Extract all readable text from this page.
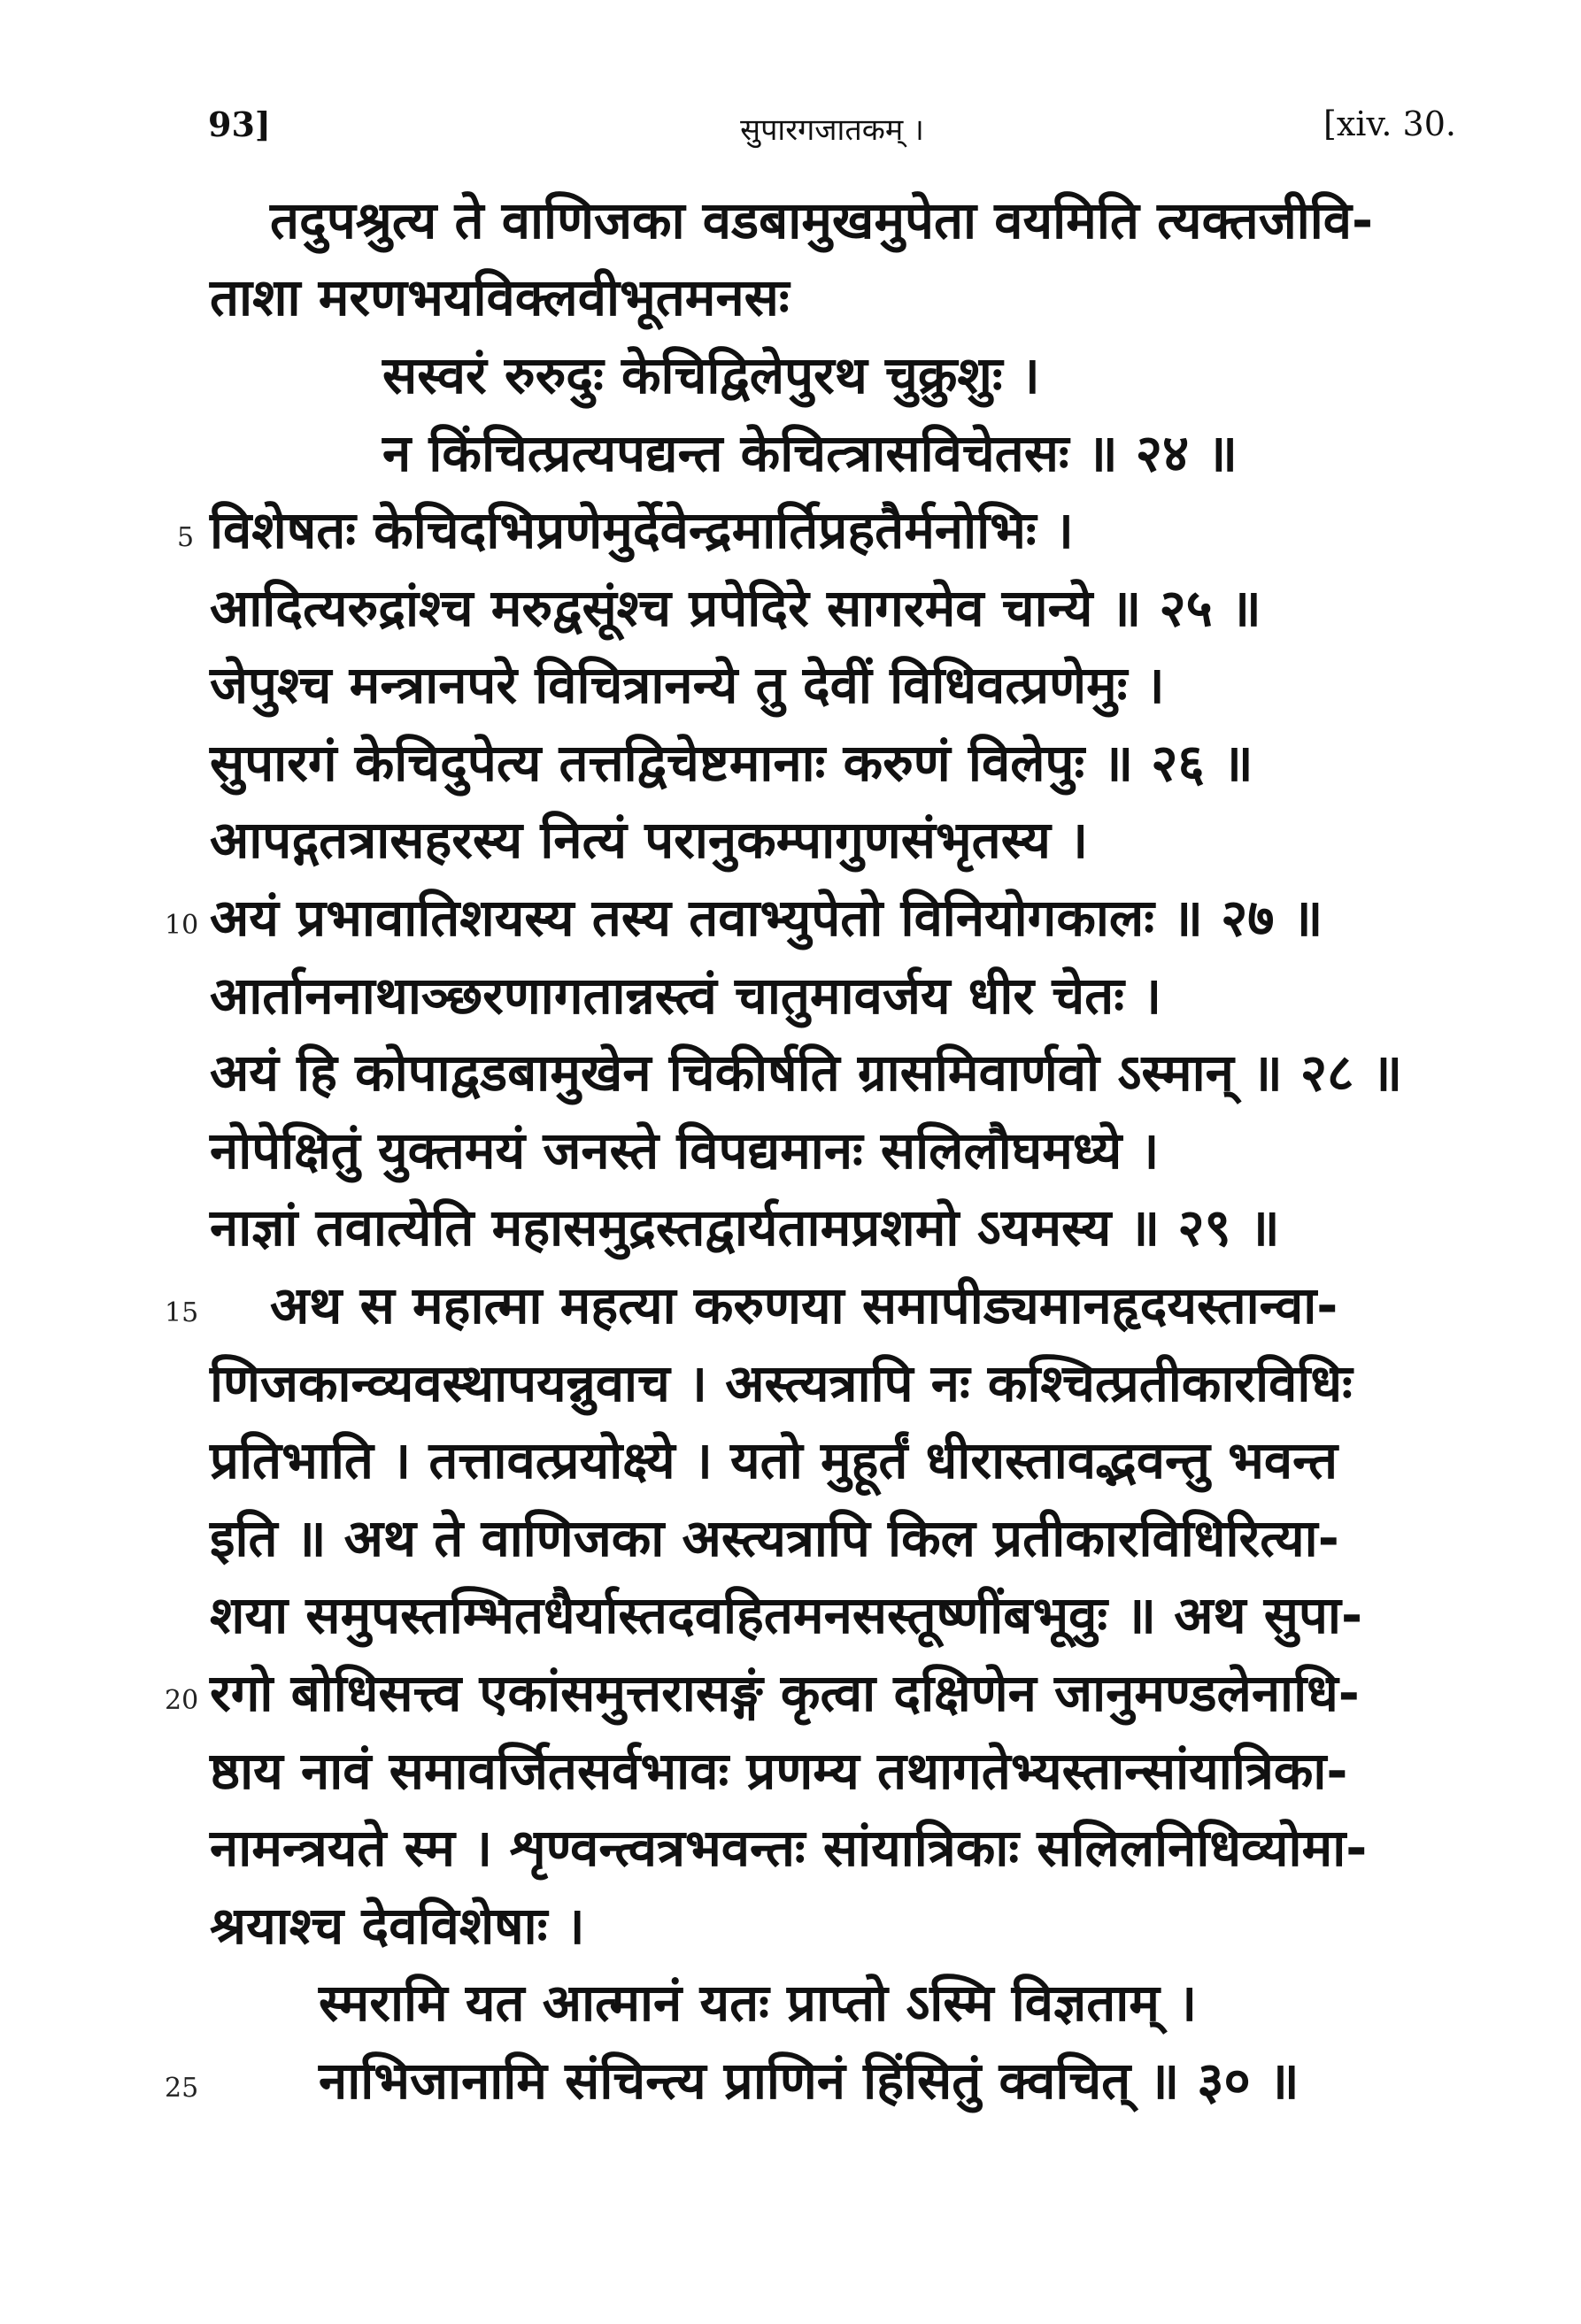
93]	सुपारगजातकम् ।	[xiv. 30.
तदुपश्रुत्य ते वाणिजका वडबामुखमुपेता वयमिति त्यक्तजीवि-
ताशा मरणभयविक्लवीभूतमनसः
सस्वरं रुरुदुः केचिद्विलेपुरथ चुक्रुशुः ।
न किंचित्प्रत्यपद्यन्त केचित्त्रासविचेतसः ॥ २४ ॥
5 विशेषतः केचिदभिप्रणेमुर्देवेन्द्रमार्तिप्रहतैर्मनोभिः ।
आदित्यरुद्रांश्च मरुद्वसूंश्च प्रपेदिरे सागरमेव चान्ये ॥ २५ ॥
जेपुश्च मन्त्रानपरे विचित्रानन्ये तु देवीं विधिवत्प्रणेमुः ।
सुपारगं केचिदुपेत्य तत्तद्विचेष्टमानाः करुणं विलेपुः ॥ २६ ॥
आपद्गतत्रासहरस्य नित्यं परानुकम्पागुणसंभृतस्य ।
10 अयं प्रभावातिशयस्य तस्य तवाभ्युपेतो विनियोगकालः ॥ २७ ॥
आर्ताननाथाञ्छरणागतान्नस्त्वं चातुमावर्जय धीर चेतः ।
अयं हि कोपाद्वडबामुखेन चिकीर्षति ग्रासमिवार्णवो ऽस्मान् ॥ २८ ॥
नोपेक्षितुं युक्तमयं जनस्ते विपद्यमानः सलिलौघमध्ये ।
नाज्ञां तवात्येति महासमुद्रस्तद्वार्यतामप्रशमो ऽयमस्य ॥ २९ ॥
15 अथ स महात्मा महत्या करुणया समापीड्यमानहृदयस्तान्वा-
णिजकान्व्यवस्थापयन्नुवाच । अस्त्यत्रापि नः कश्चित्प्रतीकारविधिः
प्रतिभाति । तत्तावत्प्रयोक्ष्ये । यतो मुहूर्तं धीरास्तावद्भवन्तु भवन्त
इति ॥ अथ ते वाणिजका अस्त्यत्रापि किल प्रतीकारविधिरित्या-
शया समुपस्तम्भितधैर्यास्तदवहितमनसस्तूष्णींबभूवुः ॥ अथ सुपा-
20 रगो बोधिसत्त्व एकांसमुत्तरासङ्गं कृत्वा दक्षिणेन जानुमण्डलेनाधि-
ष्ठाय नावं समावर्जितसर्वभावः प्रणम्य तथागतेभ्यस्तान्सांयात्रिका-
नामन्त्रयते स्म । शृण्वन्त्वत्रभवन्तः सांयात्रिकाः सलिलनिधिव्योमा-
श्रयाश्च देवविशेषाः ।
स्मरामि यत आत्मानं यतः प्राप्तो ऽस्मि विज्ञताम् ।
25 नाभिजानामि संचिन्त्य प्राणिनं हिंसितुं क्वचित् ॥ ३० ॥
